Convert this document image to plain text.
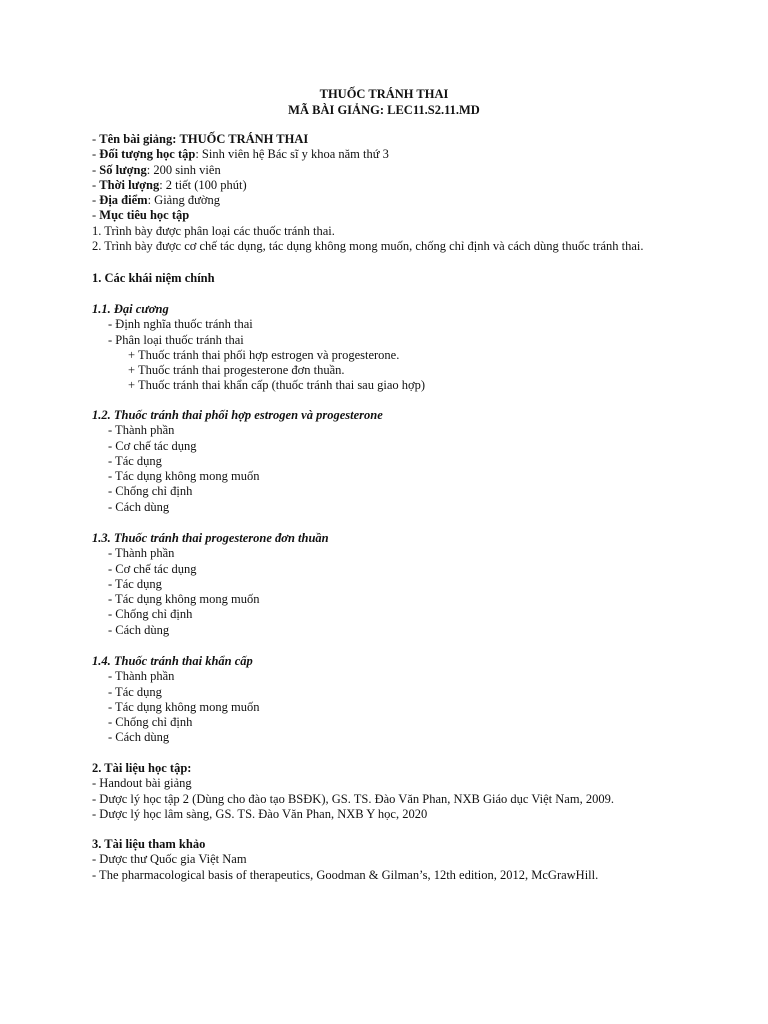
THUỐC TRÁNH THAI
MÃ BÀI GIẢNG: LEC11.S2.11.MD
- Tên bài giảng: THUỐC TRÁNH THAI
- Đối tượng học tập: Sinh viên hệ Bác sĩ y khoa năm thứ 3
- Số lượng: 200 sinh viên
- Thời lượng: 2 tiết (100 phút)
- Địa điểm: Giảng đường
- Mục tiêu học tập
1. Trình bày được phân loại các thuốc tránh thai.
2. Trình bày được cơ chế tác dụng, tác dụng không mong muốn, chống chỉ định và cách dùng thuốc tránh thai.
1. Các khái niệm chính
1.1. Đại cương
- Định nghĩa thuốc tránh thai
- Phân loại thuốc tránh thai
+ Thuốc tránh thai phối hợp estrogen và progesterone.
+ Thuốc tránh thai progesterone đơn thuần.
+ Thuốc tránh thai khẩn cấp (thuốc tránh thai sau giao hợp)
1.2. Thuốc tránh thai phối hợp estrogen và progesterone
- Thành phần
- Cơ chế tác dụng
- Tác dụng
- Tác dụng không mong muốn
- Chống chỉ định
- Cách dùng
1.3. Thuốc tránh thai progesterone đơn thuần
- Thành phần
- Cơ chế tác dụng
- Tác dụng
- Tác dụng không mong muốn
- Chống chỉ định
- Cách dùng
1.4. Thuốc tránh thai khẩn cấp
- Thành phần
- Tác dụng
- Tác dụng không mong muốn
- Chống chỉ định
- Cách dùng
2. Tài liệu học tập:
- Handout bài giảng
- Dược lý học tập 2 (Dùng cho đào tạo BSĐK), GS. TS. Đào Văn Phan, NXB Giáo dục Việt Nam, 2009.
- Dược lý học lâm sàng, GS. TS. Đào Văn Phan, NXB Y học, 2020
3. Tài liệu tham khảo
- Dược thư Quốc gia Việt Nam
- The pharmacological basis of therapeutics, Goodman & Gilman’s, 12th edition, 2012, McGrawHill.
